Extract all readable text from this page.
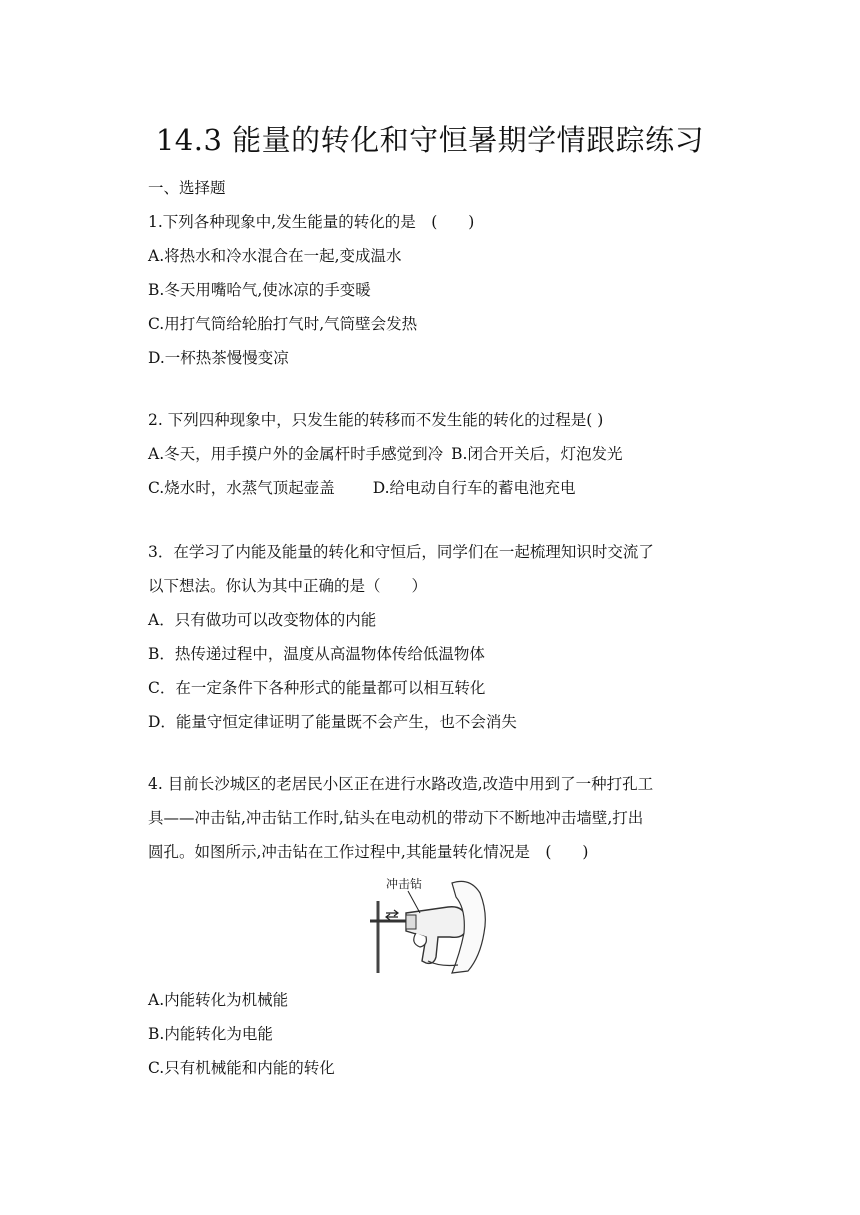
14.3 能量的转化和守恒暑期学情跟踪练习
一、选择题
1.下列各种现象中,发生能量的转化的是　(　　)
A.将热水和冷水混合在一起,变成温水
B.冬天用嘴哈气,使冰凉的手变暖
C.用打气筒给轮胎打气时,气筒壁会发热
D.一杯热茶慢慢变凉
2. 下列四种现象中，只发生能的转移而不发生能的转化的过程是( )
A.冬天，用手摸户外的金属杆时手感觉到冷 B.闭合开关后，灯泡发光
C.烧水时，水蒸气顶起壶盖 D.给电动自行车的蓄电池充电
3．在学习了内能及能量的转化和守恒后，同学们在一起梳理知识时交流了
以下想法。你认为其中正确的是（　　）
A．只有做功可以改变物体的内能
B．热传递过程中，温度从高温物体传给低温物体
C．在一定条件下各种形式的能量都可以相互转化
D．能量守恒定律证明了能量既不会产生，也不会消失
4. 目前长沙城区的老居民小区正在进行水路改造,改造中用到了一种打孔工
具——冲击钻,冲击钻工作时,钻头在电动机的带动下不断地冲击墙壁,打出
圆孔。如图所示,冲击钻在工作过程中,其能量转化情况是　(　　)
冲击钻
A.内能转化为机械能
B.内能转化为电能
C.只有机械能和内能的转化
